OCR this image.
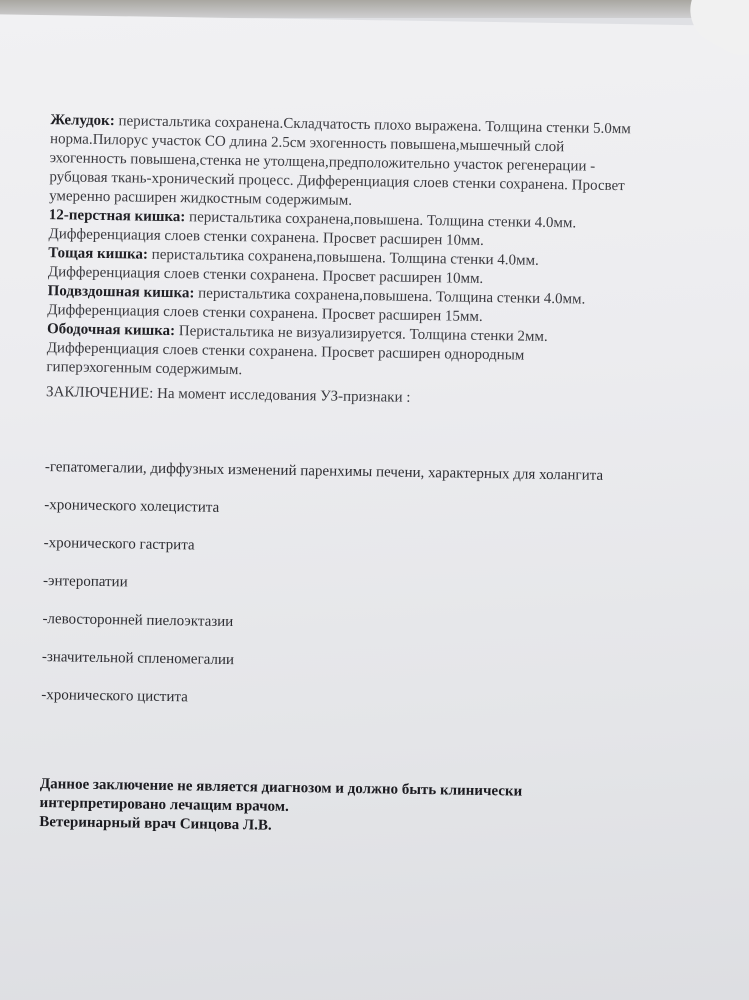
Желудок: перистальтика сохранена.Складчатость плохо выражена. Толщина стенки 5.0мм
норма.Пилорус участок СО длина 2.5см эхогенность повышена,мышечный слой
эхогенность повышена,стенка не утолщена,предположительно участок регенерации -
рубцовая ткань-хронический процесс. Дифференциация слоев стенки сохранена. Просвет
умеренно расширен жидкостным содержимым.
12-перстная кишка: перистальтика сохранена,повышена. Толщина стенки 4.0мм.
Дифференциация слоев стенки сохранена. Просвет расширен 10мм.
Тощая кишка: перистальтика сохранена,повышена. Толщина стенки 4.0мм.
Дифференциация слоев стенки сохранена. Просвет расширен 10мм.
Подвздошная кишка: перистальтика сохранена,повышена. Толщина стенки 4.0мм.
Дифференциация слоев стенки сохранена. Просвет расширен 15мм.
Ободочная кишка: Перистальтика не визуализируется. Толщина стенки 2мм.
Дифференциация слоев стенки сохранена. Просвет расширен однородным
гиперэхогенным содержимым.
ЗАКЛЮЧЕНИЕ: На момент исследования УЗ-признаки :
-гепатомегалии, диффузных изменений паренхимы печени, характерных для холангита
-хронического холецистита
-хронического гастрита
-энтеропатии
-левосторонней пиелоэктазии
-значительной спленомегалии
-хронического цистита
Данное заключение не является диагнозом и должно быть клинически
интерпретировано лечащим врачом.
Ветеринарный врач Синцова Л.В.
